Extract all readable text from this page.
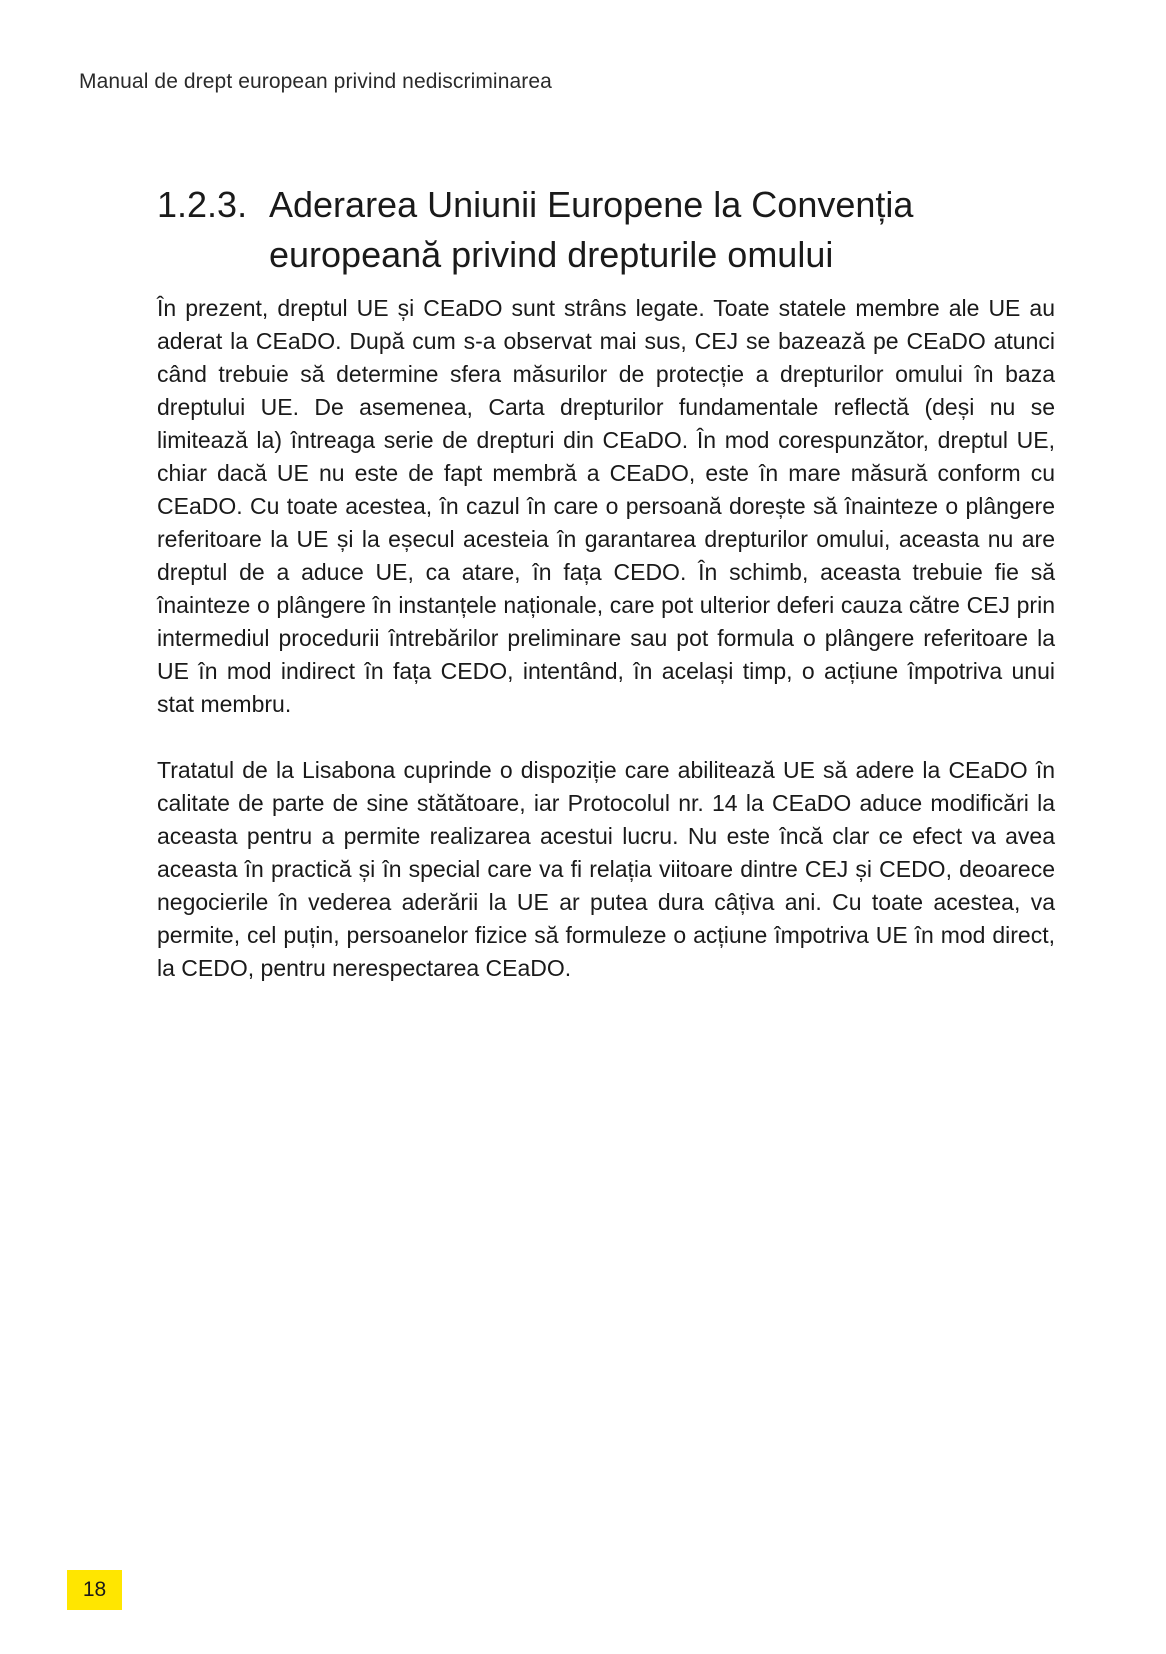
Manual de drept european privind nediscriminarea
1.2.3. Aderarea Uniunii Europene la Convenția europeană privind drepturile omului

În prezent, dreptul UE și CEaDO sunt strâns legate. Toate statele membre ale UE au aderat la CEaDO. După cum s-a observat mai sus, CEJ se bazează pe CEaDO atunci când trebuie să determine sfera măsurilor de protecție a drepturilor omului în baza dreptului UE. De asemenea, Carta drepturilor fundamentale reflectă (deși nu se limitează la) întreaga serie de drepturi din CEaDO. În mod corespunzător, dreptul UE, chiar dacă UE nu este de fapt membră a CEaDO, este în mare măsură conform cu CEaDO. Cu toate acestea, în cazul în care o persoană dorește să înainteze o plângere referitoare la UE și la eșecul acesteia în garantarea drepturilor omului, aceasta nu are dreptul de a aduce UE, ca atare, în fața CEDO. În schimb, aceasta trebuie fie să înainteze o plângere în instanțele naționale, care pot ulterior deferi cauza către CEJ prin intermediul procedurii întrebărilor preliminare sau pot formula o plângere referitoare la UE în mod indirect în fața CEDO, intentând, în același timp, o acțiune împotriva unui stat membru.

Tratatul de la Lisabona cuprinde o dispoziție care abilitează UE să adere la CEaDO în calitate de parte de sine stătătoare, iar Protocolul nr. 14 la CEaDO aduce modificări la aceasta pentru a permite realizarea acestui lucru. Nu este încă clar ce efect va avea aceasta în practică și în special care va fi relația viitoare dintre CEJ și CEDO, deoarece negocierile în vederea aderării la UE ar putea dura câțiva ani. Cu toate acestea, va permite, cel puțin, persoanelor fizice să formuleze o acțiune împotriva UE în mod direct, la CEDO, pentru nerespectarea CEaDO.

18
